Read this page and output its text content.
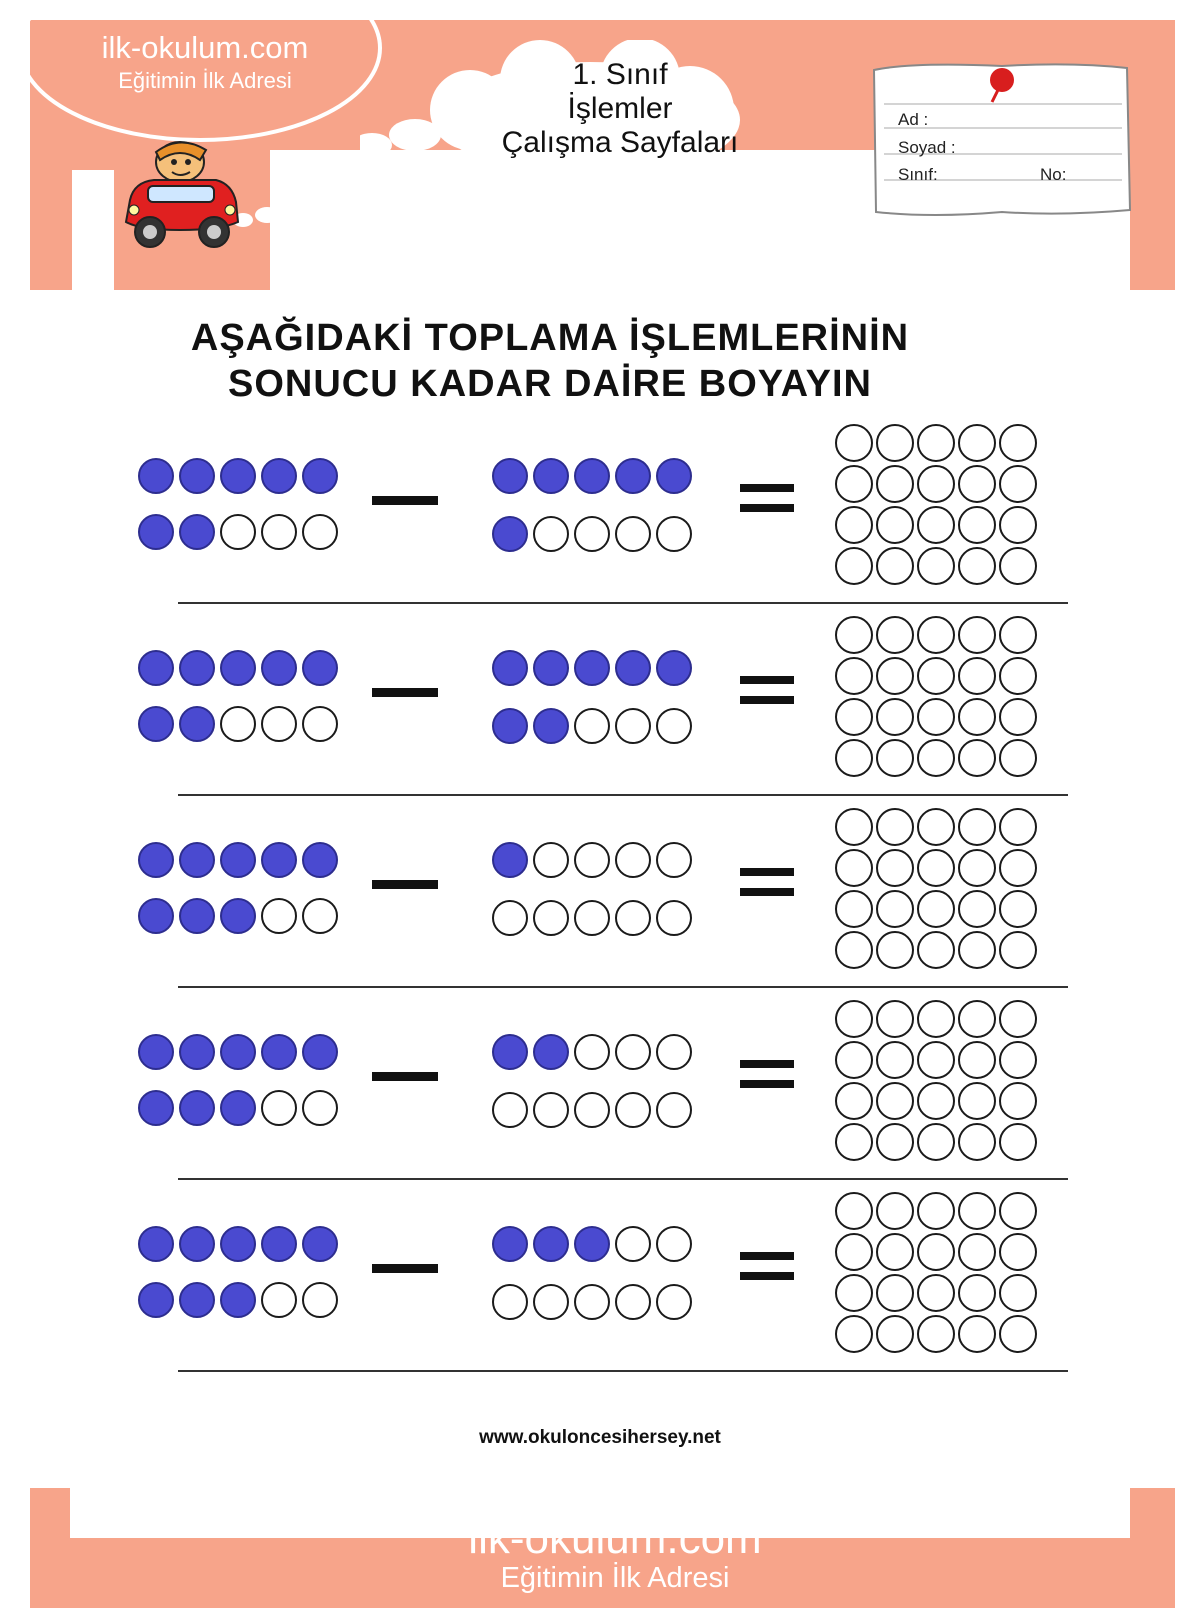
ilk-okulum.com
Eğitimin İlk Adresi	1. Sınıf
İşlemler
Çalışma Sayfaları
Ad :
Soyad :
Sınıf:	No:
AŞAĞIDAKİ TOPLAMA İŞLEMLERİNİN
SONUCU KADAR DAİRE BOYAYIN
www.okuloncesihersey.net
ilk-okulum.com
Eğitimin İlk Adresi
